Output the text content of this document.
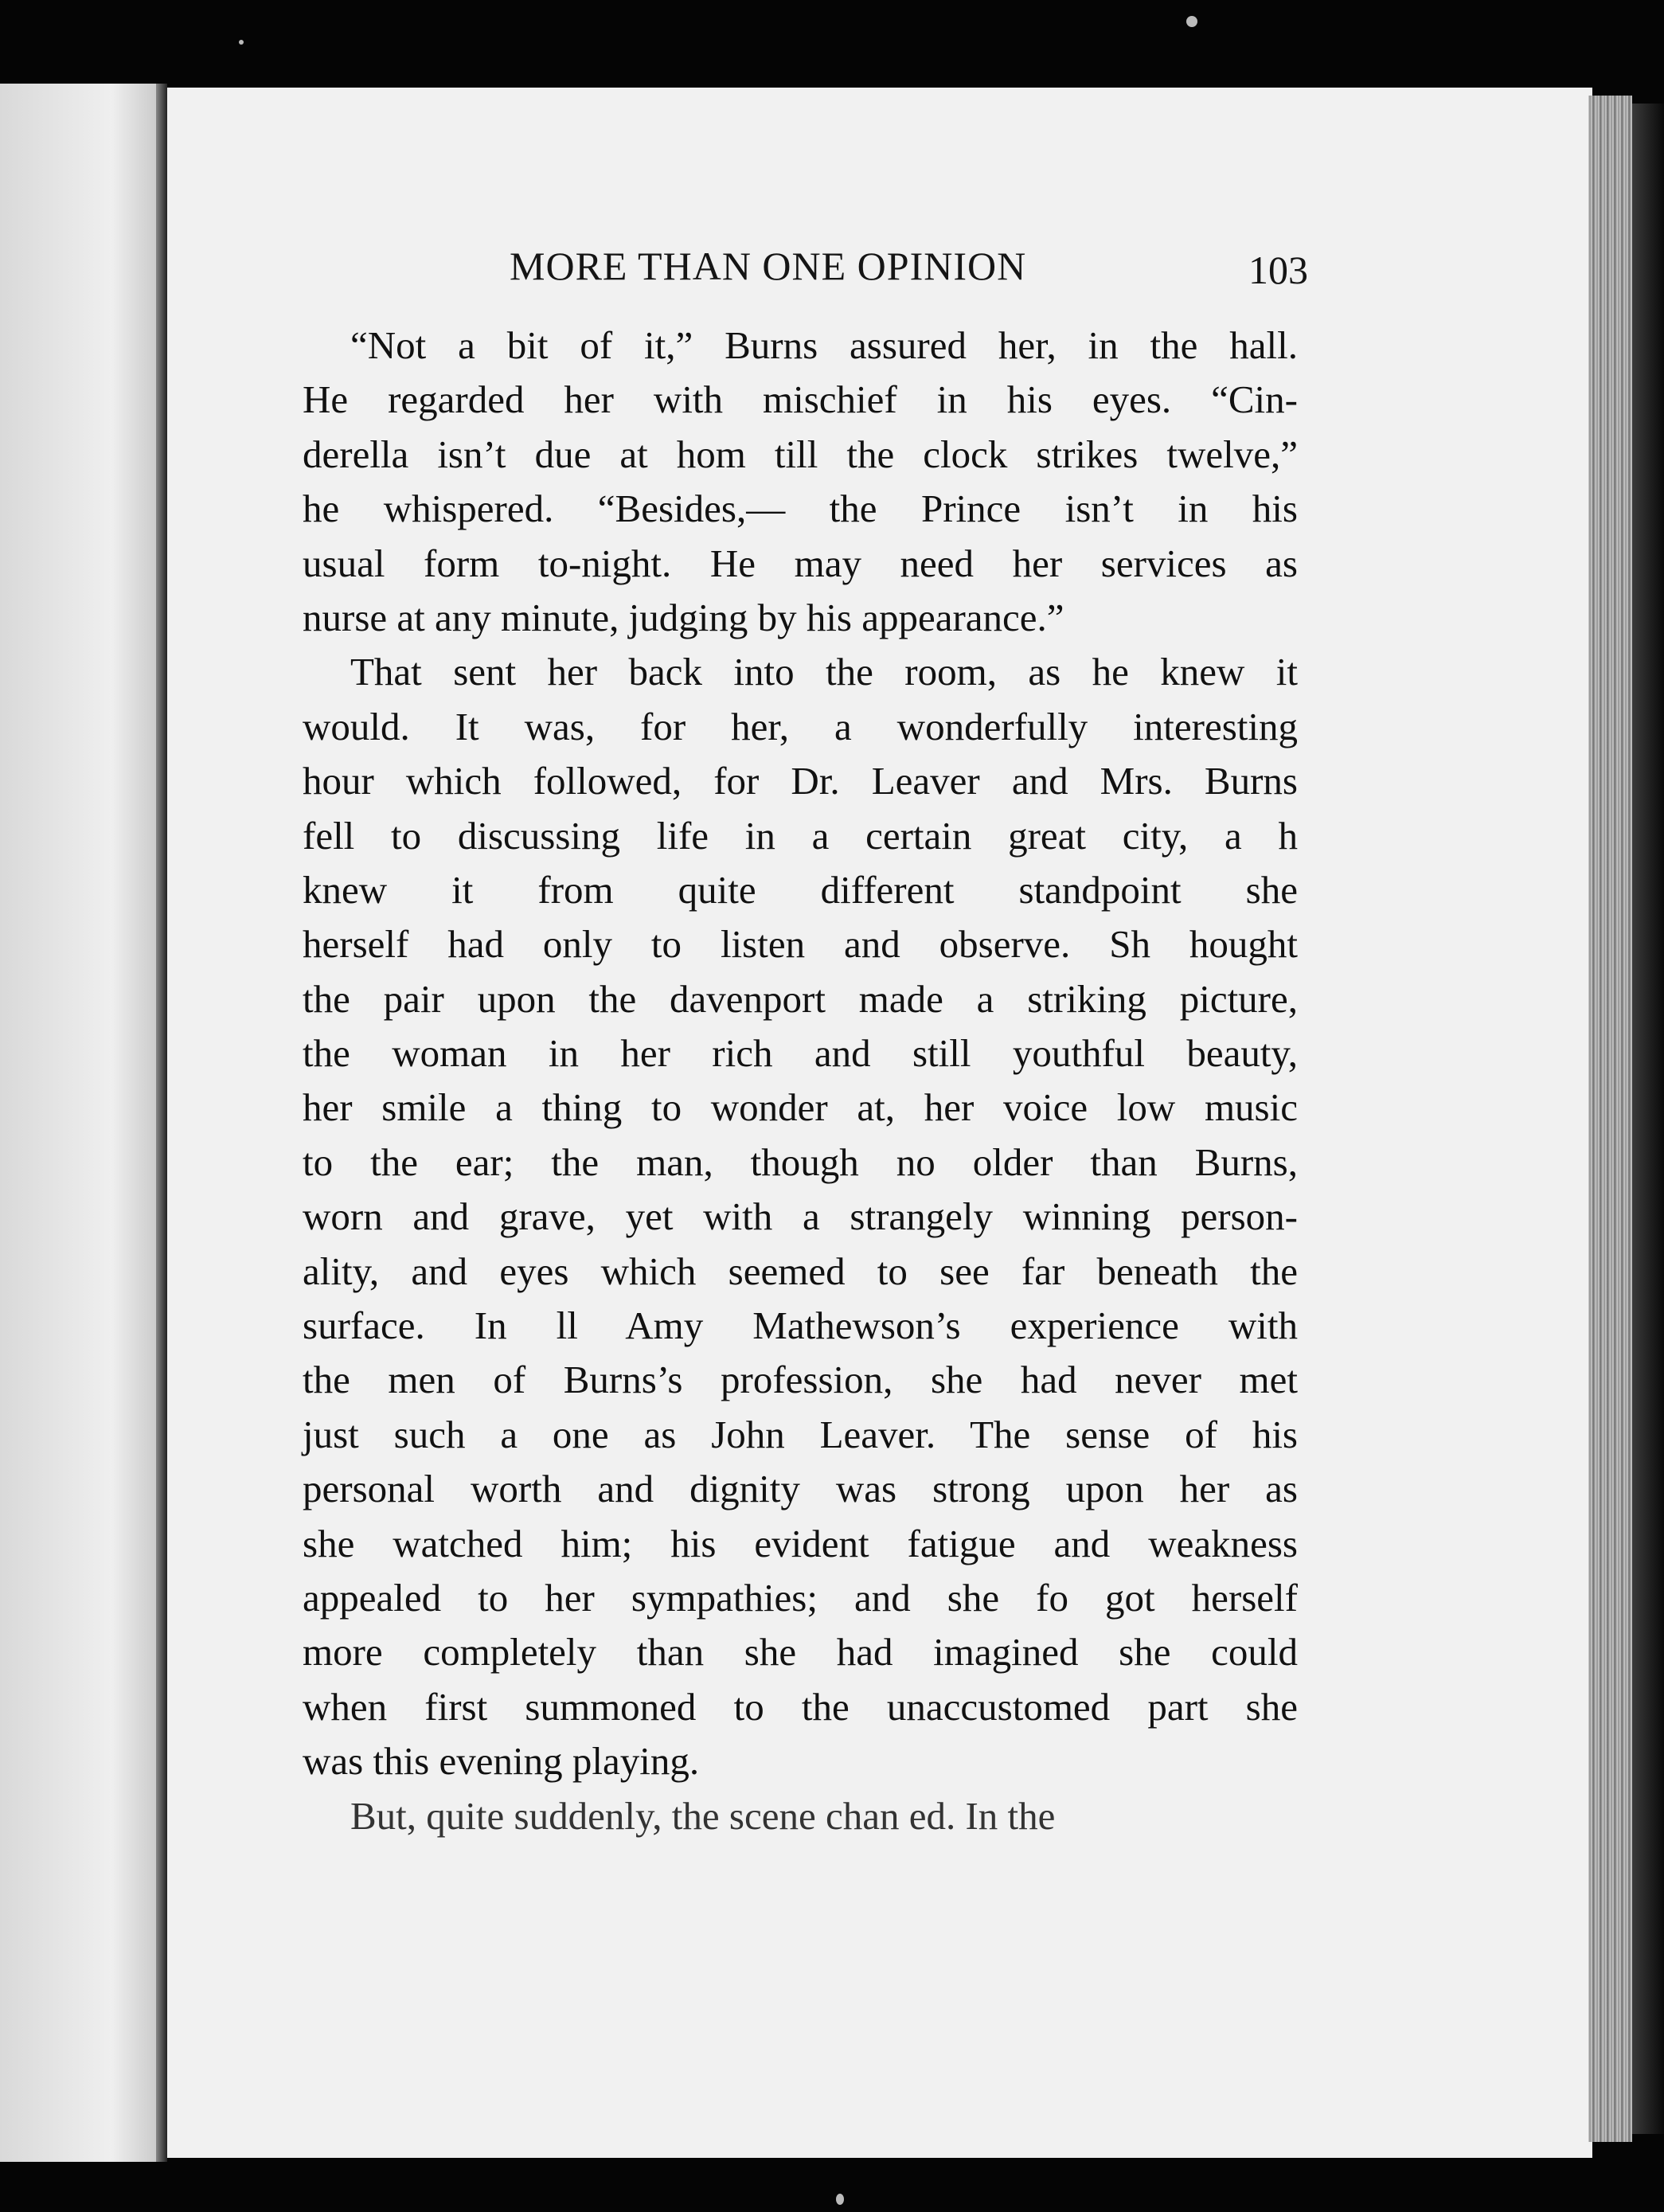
MORE THAN ONE OPINION	103
“Not a bit of it,” Burns assured her, in the hall.
He regarded her with mischief in his eyes. “Cin-
derella isn’t due at hom till the clock strikes twelve,”
he whispered. “Besides,— the Prince isn’t in his
usual form to-night. He may need her services as
nurse at any minute, judging by his appearance.”
That sent her back into the room, as he knew it
would. It was, for her, a wonderfully interesting
hour which followed, for Dr. Leaver and Mrs. Burns
fell to discussing life in a certain great city, a h
knew it from quite different standpoint she
herself had only to listen and observe. Sh hought
the pair upon the davenport made a striking picture,
the woman in her rich and still youthful beauty,
her smile a thing to wonder at, her voice low music
to the ear; the man, though no older than Burns,
worn and grave, yet with a strangely winning person-
ality, and eyes which seemed to see far beneath the
surface. In ll Amy Mathewson’s experience with
the men of Burns’s profession, she had never met
just such a one as John Leaver. The sense of his
personal worth and dignity was strong upon her as
she watched him; his evident fatigue and weakness
appealed to her sympathies; and she fo got herself
more completely than she had imagined she could
when first summoned to the unaccustomed part she
was this evening playing.
But, quite suddenly, the scene chan ed. In the
